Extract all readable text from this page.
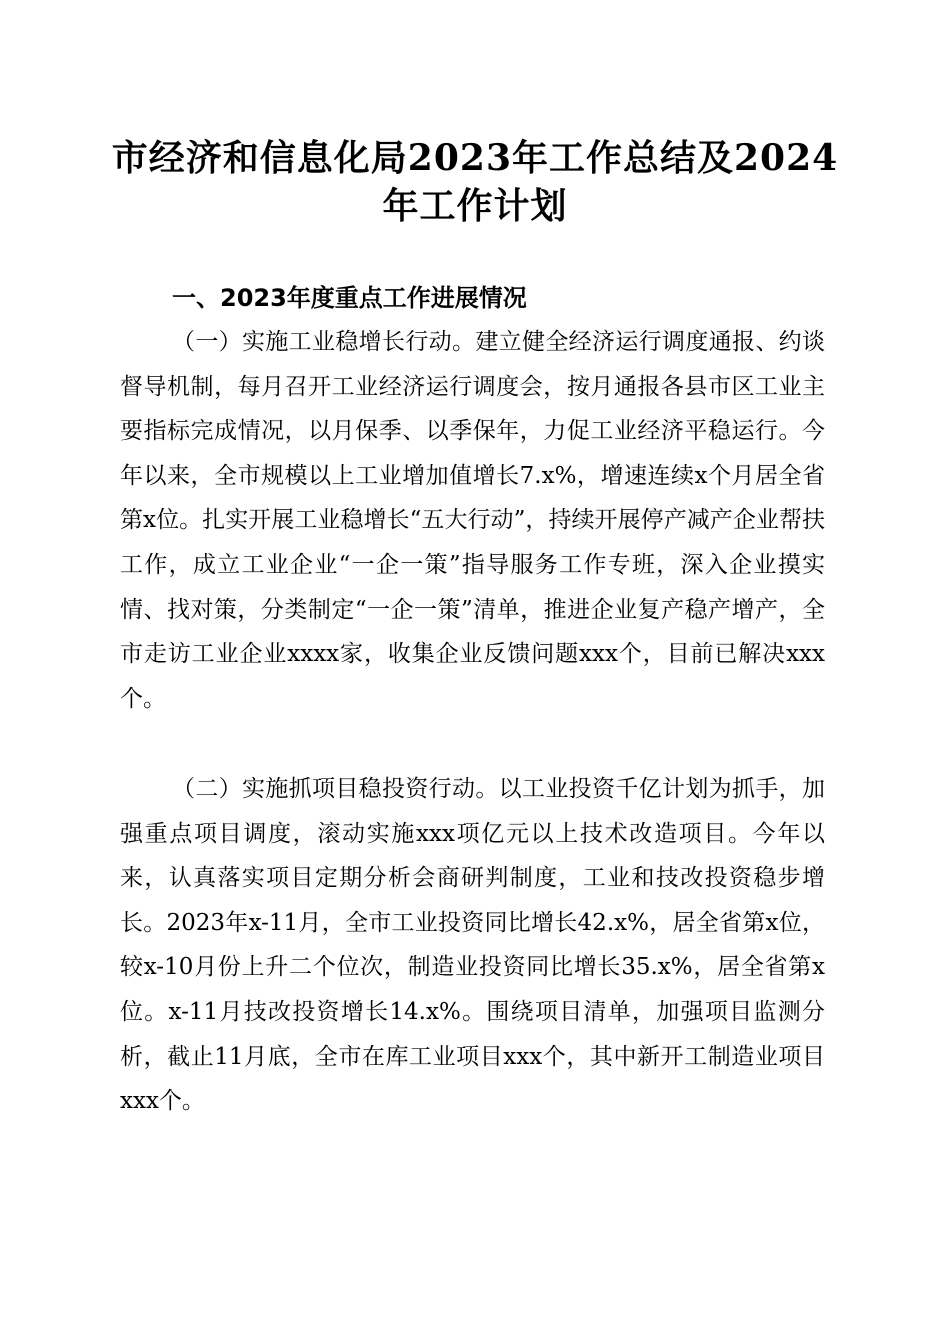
市经济和信息化局2023年工作总结及2024年工作计划
一、2023年度重点工作进展情况

（一）实施工业稳增长行动。建立健全经济运行调度通报、约谈督导机制，每月召开工业经济运行调度会，按月通报各县市区工业主要指标完成情况，以月保季、以季保年，力促工业经济平稳运行。今年以来，全市规模以上工业增加值增长7.x%，增速连续x个月居全省第x位。扎实开展工业稳增长“五大行动”，持续开展停产减产企业帮扶工作，成立工业企业“一企一策”指导服务工作专班，深入企业摸实情、找对策，分类制定“一企一策”清单，推进企业复产稳产增产，全市走访工业企业xxxx家，收集企业反馈问题xxx个，目前已解决xxx个。

（二）实施抓项目稳投资行动。以工业投资千亿计划为抓手，加强重点项目调度，滚动实施xxx项亿元以上技术改造项目。今年以来，认真落实项目定期分析会商研判制度，工业和技改投资稳步增长。2023年x-11月，全市工业投资同比增长42.x%，居全省第x位，较x-10月份上升二个位次，制造业投资同比增长35.x%，居全省第x位。x-11月技改投资增长14.x%。围绕项目清单，加强项目监测分析，截止11月底，全市在库工业项目xxx个，其中新开工制造业项目xxx个。
